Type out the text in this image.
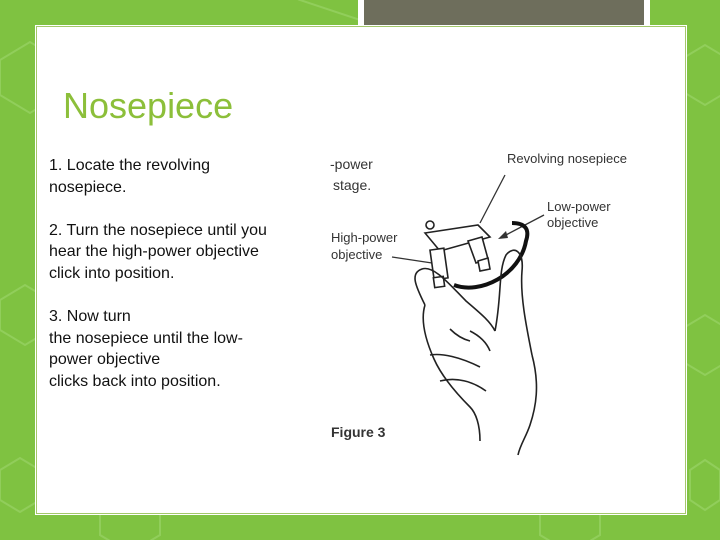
Nosepiece

1. Locate the revolving
nosepiece.

2. Turn the nosepiece until you
hear the high-power objective
click into position.

3. Now turn
the nosepiece until the low-
power objective
clicks back into position.

-power
stage.
Revolving nosepiece
Low-power
objective
High-power
objective
Figure 3
